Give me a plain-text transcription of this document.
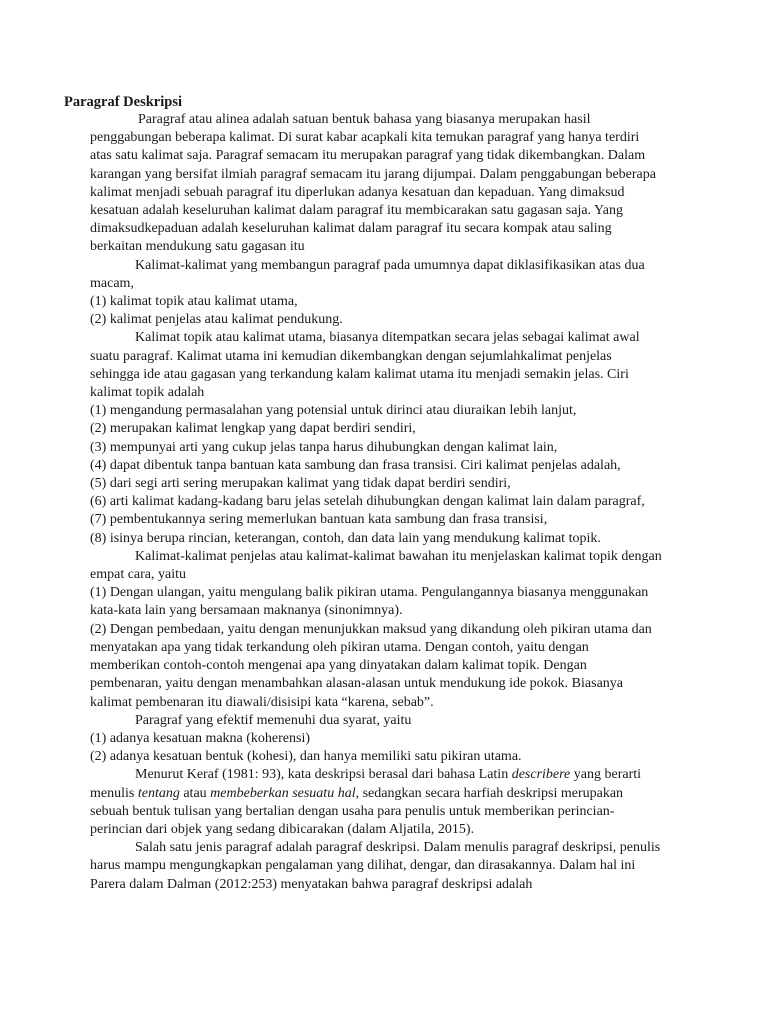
Paragraf Deskripsi

Paragraf atau alinea adalah satuan bentuk bahasa yang biasanya merupakan hasil penggabungan beberapa kalimat. Di surat kabar acapkali kita temukan paragraf yang hanya terdiri atas satu kalimat saja. Paragraf semacam itu merupakan paragraf yang tidak dikembangkan. Dalam karangan yang bersifat ilmiah paragraf semacam itu jarang dijumpai. Dalam penggabungan beberapa kalimat menjadi sebuah paragraf itu diperlukan adanya kesatuan dan kepaduan. Yang dimaksud kesatuan adalah keseluruhan kalimat dalam paragraf itu membicarakan satu gagasan saja. Yang dimaksudkepaduan adalah keseluruhan kalimat dalam paragraf itu secara kompak atau saling berkaitan mendukung satu gagasan itu

Kalimat-kalimat yang membangun paragraf pada umumnya dapat diklasifikasikan atas dua macam,

(1) kalimat topik atau kalimat utama,

(2) kalimat penjelas atau kalimat pendukung.

Kalimat topik atau kalimat utama, biasanya ditempatkan secara jelas sebagai kalimat awal suatu paragraf. Kalimat utama ini kemudian dikembangkan dengan sejumlahkalimat penjelas sehingga ide atau gagasan yang terkandung kalam kalimat utama itu menjadi semakin jelas. Ciri kalimat topik adalah

(1) mengandung permasalahan yang potensial untuk dirinci atau diuraikan lebih lanjut,

(2) merupakan kalimat lengkap yang dapat berdiri sendiri,

(3) mempunyai arti yang cukup jelas tanpa harus dihubungkan dengan kalimat lain,

(4) dapat dibentuk tanpa bantuan kata sambung dan frasa transisi. Ciri kalimat penjelas adalah,

(5) dari segi arti sering merupakan kalimat yang tidak dapat berdiri sendiri,

(6) arti kalimat kadang-kadang baru jelas setelah dihubungkan dengan kalimat lain dalam paragraf,

(7) pembentukannya sering memerlukan bantuan kata sambung dan frasa transisi,

(8) isinya berupa rincian, keterangan, contoh, dan data lain yang mendukung kalimat topik.

Kalimat-kalimat penjelas atau kalimat-kalimat bawahan itu menjelaskan kalimat topik dengan empat cara, yaitu

(1) Dengan ulangan, yaitu mengulang balik pikiran utama. Pengulangannya biasanya menggunakan kata-kata lain yang bersamaan maknanya (sinonimnya).

(2) Dengan pembedaan, yaitu dengan menunjukkan maksud yang dikandung oleh pikiran utama dan menyatakan apa yang tidak terkandung oleh pikiran utama. Dengan contoh, yaitu dengan memberikan contoh-contoh mengenai apa yang dinyatakan dalam kalimat topik. Dengan pembenaran, yaitu dengan menambahkan alasan-alasan untuk mendukung ide pokok. Biasanya kalimat pembenaran itu diawali/disisipi kata “karena, sebab”.

Paragraf yang efektif memenuhi dua syarat, yaitu

(1) adanya kesatuan makna (koherensi)

(2) adanya kesatuan bentuk (kohesi), dan hanya memiliki satu pikiran utama.

Menurut Keraf (1981: 93), kata deskripsi berasal dari bahasa Latin describere yang berarti menulis tentang atau membeberkan sesuatu hal, sedangkan secara harfiah deskripsi merupakan sebuah bentuk tulisan yang bertalian dengan usaha para penulis untuk memberikan perincian-perincian dari objek yang sedang dibicarakan (dalam Aljatila, 2015).

Salah satu jenis paragraf adalah paragraf deskripsi. Dalam menulis paragraf deskripsi, penulis harus mampu mengungkapkan pengalaman yang dilihat, dengar, dan dirasakannya. Dalam hal ini Parera dalam Dalman (2012:253) menyatakan bahwa paragraf deskripsi adalah
